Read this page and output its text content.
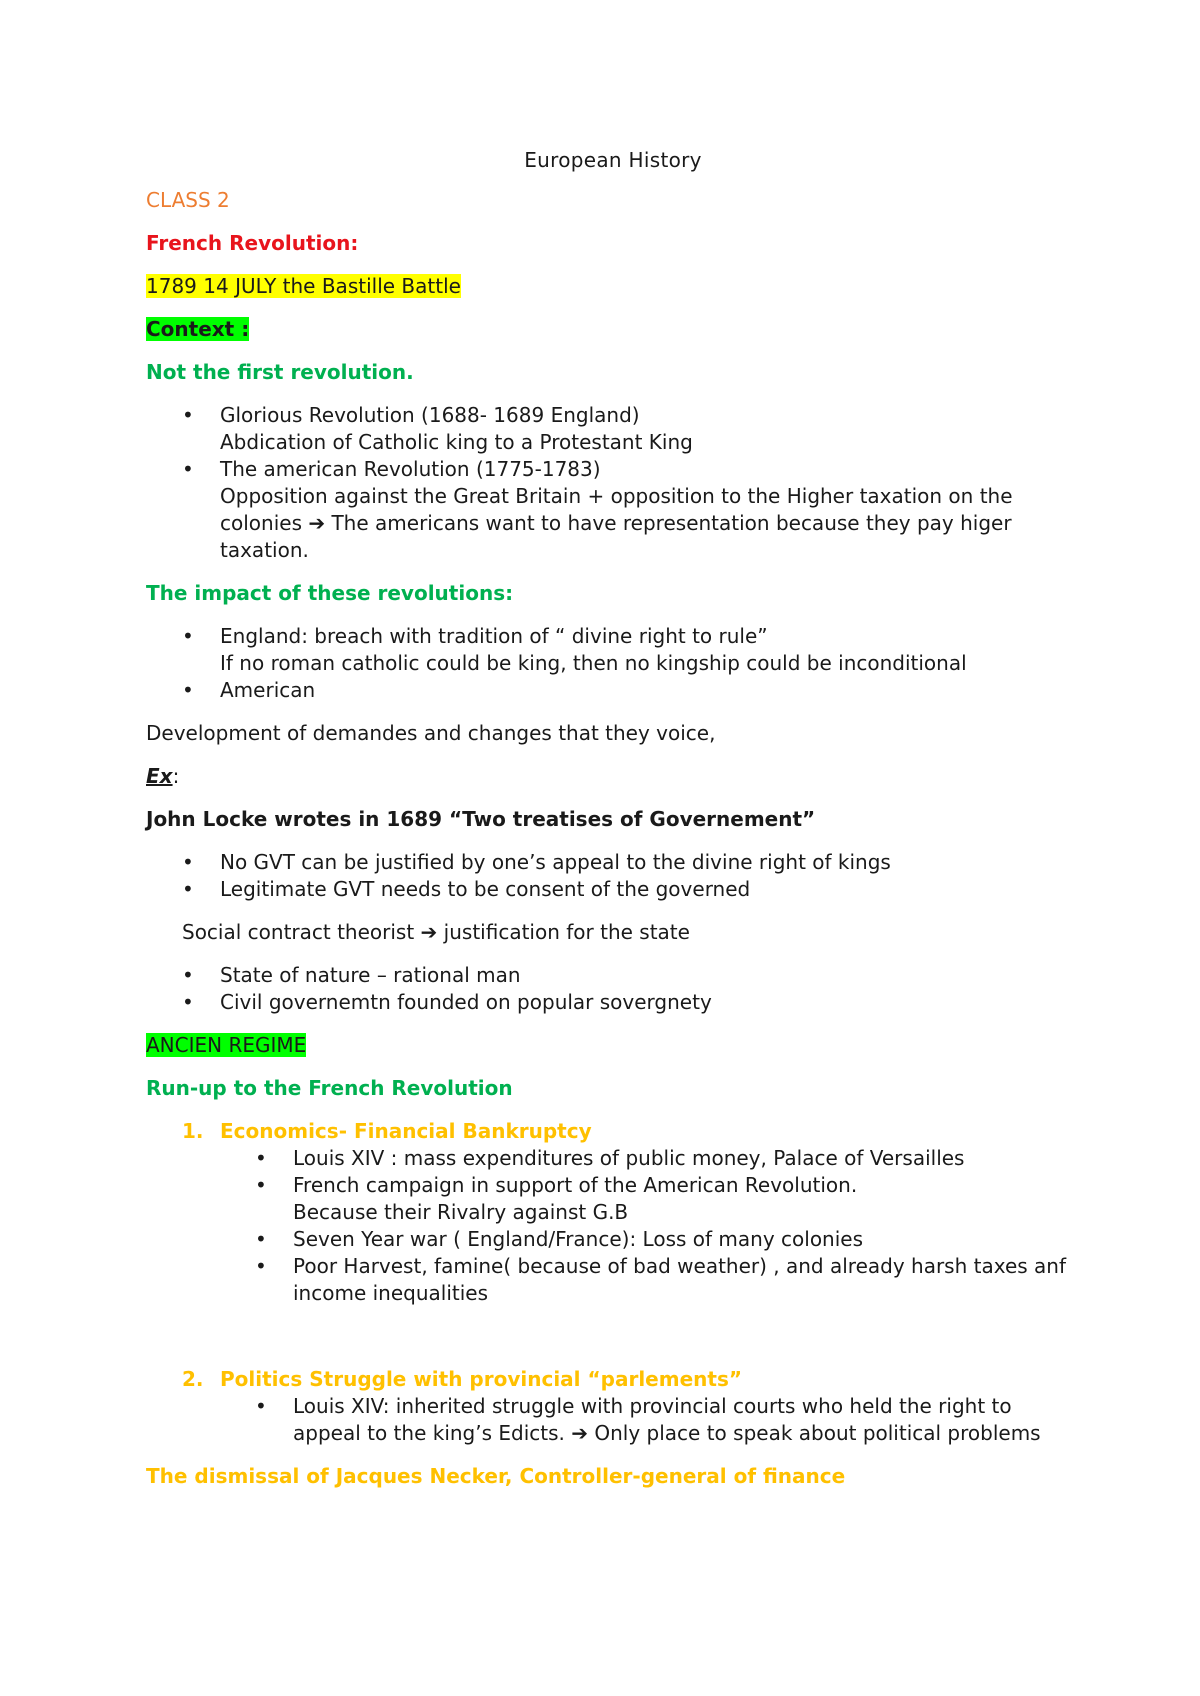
European History
CLASS 2
French Revolution:
1789 14 JULY the Bastille Battle
Context :
Not the first revolution.
• Glorious Revolution (1688- 1689 England)
Abdication of Catholic king to a Protestant King
• The american Revolution (1775-1783)
Opposition against the Great Britain + opposition to the Higher taxation on the colonies ➔ The americans want to have representation because they pay higer taxation.
The impact of these revolutions:
• England: breach with tradition of “ divine right to rule”
If no roman catholic could be king, then no kingship could be inconditional
• American
Development of demandes and changes that they voice,
Ex:
John Locke wrotes in 1689 “Two treatises of Governement”
• No GVT can be justified by one’s appeal to the divine right of kings
• Legitimate GVT needs to be consent of the governed
Social contract theorist ➔ justification for the state
• State of nature – rational man
• Civil governemtn founded on popular sovergnety
ANCIEN REGIME
Run-up to the French Revolution
1. Economics- Financial Bankruptcy
• Louis XIV : mass expenditures of public money, Palace of Versailles
• French campaign in support of the American Revolution.
Because their Rivalry against G.B
• Seven Year war ( England/France): Loss of many colonies
• Poor Harvest, famine( because of bad weather) , and already harsh taxes anf income inequalities
2. Politics Struggle with provincial “parlements”
• Louis XIV: inherited struggle with provincial courts who held the right to appeal to the king’s Edicts. ➔ Only place to speak about political problems
The dismissal of Jacques Necker, Controller-general of finance
